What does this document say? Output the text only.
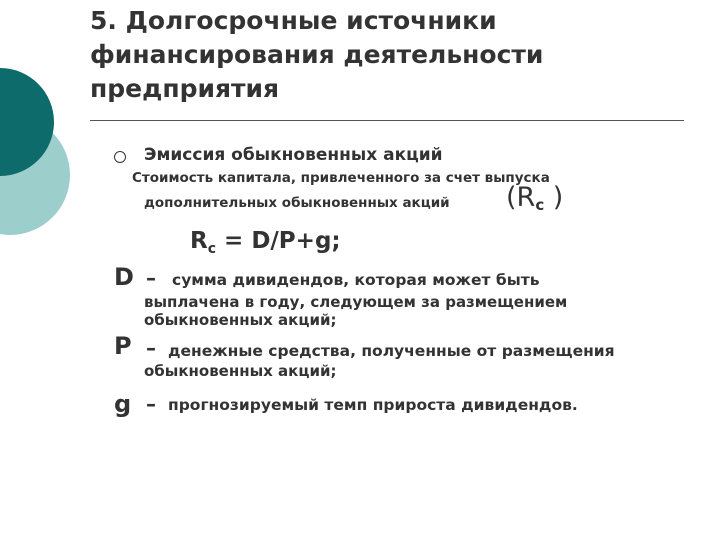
5. Долгосрочные источники
финансирования деятельности
предприятия
Эмиссия обыкновенных акций
Стоимость капитала, привлеченного за счет выпуска
дополнительных обыкновенных акций ($R_c$ )
$R_c = D/P+g$;
D – сумма дивидендов, которая может быть
выплачена в году, следующем за размещением
обыкновенных акций;
P – денежные средства, полученные от размещения
обыкновенных акций;
g – прогнозируемый темп прироста дивидендов.
